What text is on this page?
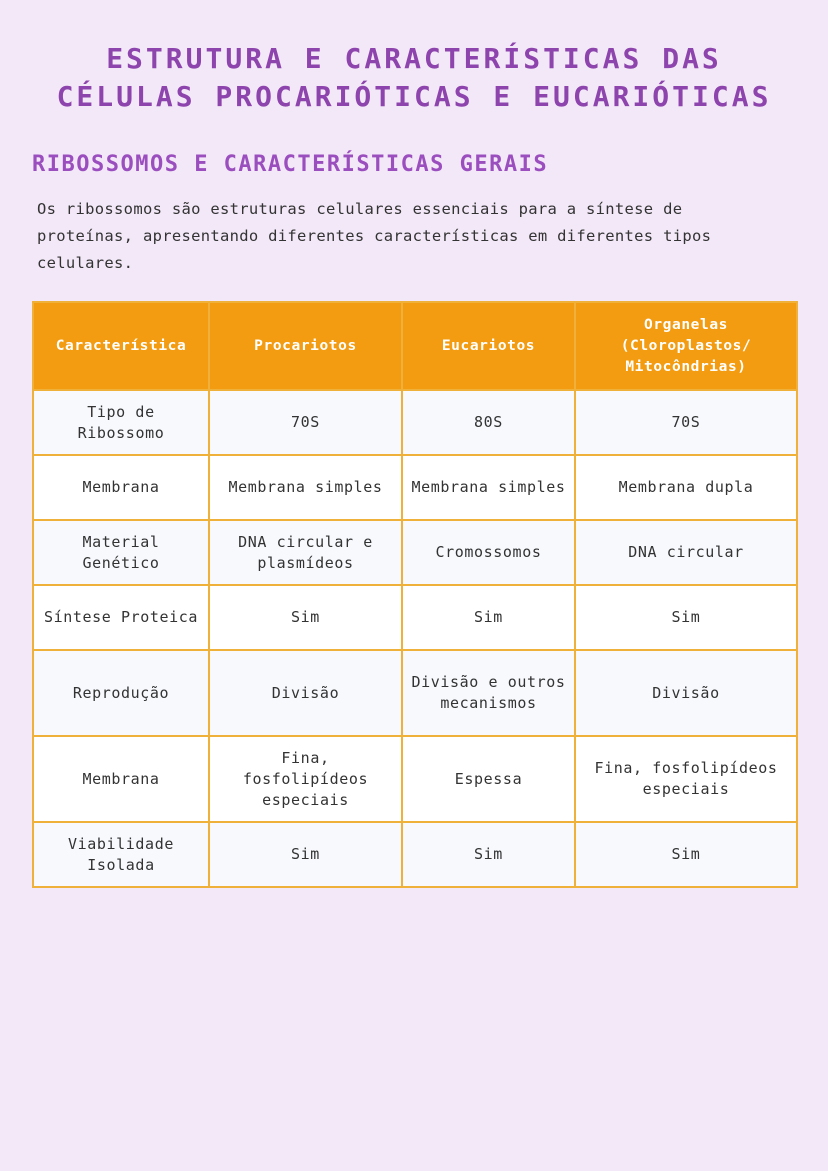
ESTRUTURA E CARACTERÍSTICAS DAS
CÉLULAS PROCARIÓTICAS E EUCARIÓTICAS
RIBOSSOMOS E CARACTERÍSTICAS GERAIS
Os ribossomos são estruturas celulares essenciais para a síntese de proteínas, apresentando diferentes características em diferentes tipos celulares.
Característica	Procariotos	Eucariotos	Organelas (Cloroplastos/ Mitocôndrias)
Tipo de Ribossomo	70S	80S	70S
Membrana	Membrana simples	Membrana simples	Membrana dupla
Material Genético	DNA circular e plasmídeos	Cromossomos	DNA circular
Síntese Proteica	Sim	Sim	Sim
Reprodução	Divisão	Divisão e outros mecanismos	Divisão
Membrana	Fina, fosfolipídeos especiais	Espessa	Fina, fosfolipídeos especiais
Viabilidade Isolada	Sim	Sim	Sim
